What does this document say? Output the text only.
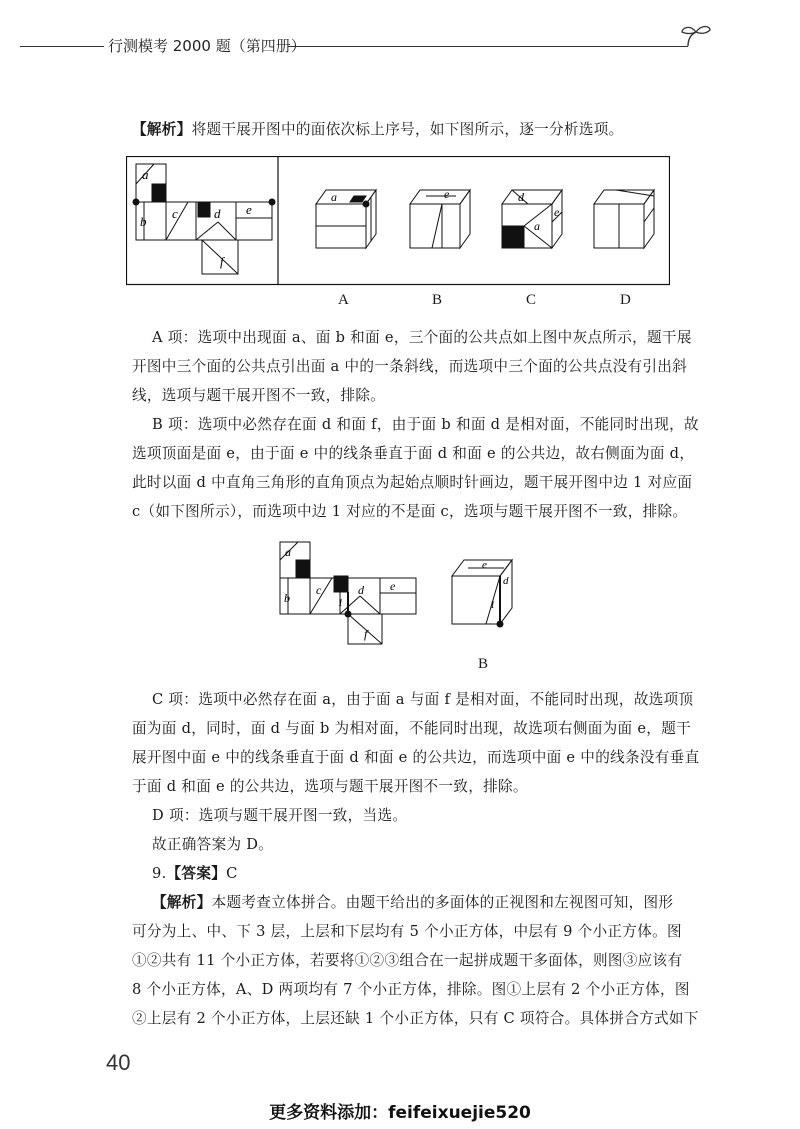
行测模考 2000 题（第四册）
【解析】将题干展开图中的面依次标上序号，如下图所示，逐一分析选项。
a
b
c	d e
f
a	e	d
e
a
A	B	C	D
A 项：选项中出现面 a、面 b 和面 e，三个面的公共点如上图中灰点所示，题干展
开图中三个面的公共点引出面 a 中的一条斜线，而选项中三个面的公共点没有引出斜
线，选项与题干展开图不一致，排除。
B 项：选项中必然存在面 d 和面 f，由于面 b 和面 d 是相对面，不能同时出现，故
选项顶面是面 e，由于面 e 中的线条垂直于面 d 和面 e 的公共边，故右侧面为面 d，
此时以面 d 中直角三角形的直角顶点为起始点顺时针画边，题干展开图中边 1 对应面
c（如下图所示），而选项中边 1 对应的不是面 c，选项与题干展开图不一致，排除。
a
b
c	d e
f
1
e
d
1
B
C 项：选项中必然存在面 a，由于面 a 与面 f 是相对面，不能同时出现，故选项顶
面为面 d，同时，面 d 与面 b 为相对面，不能同时出现，故选项右侧面为面 e，题干
展开图中面 e 中的线条垂直于面 d 和面 e 的公共边，而选项中面 e 中的线条没有垂直
于面 d 和面 e 的公共边，选项与题干展开图不一致，排除。
D 项：选项与题干展开图一致，当选。
故正确答案为 D。
9.【答案】C
【解析】本题考查立体拼合。由题干给出的多面体的正视图和左视图可知，图形
可分为上、中、下 3 层，上层和下层均有 5 个小正方体，中层有 9 个小正方体。图
①②共有 11 个小正方体，若要将①②③组合在一起拼成题干多面体，则图③应该有
8 个小正方体，A、D 两项均有 7 个小正方体，排除。图①上层有 2 个小正方体，图
②上层有 2 个小正方体，上层还缺 1 个小正方体，只有 C 项符合。具体拼合方式如下
40
更多资料添加：feifeixuejie520
